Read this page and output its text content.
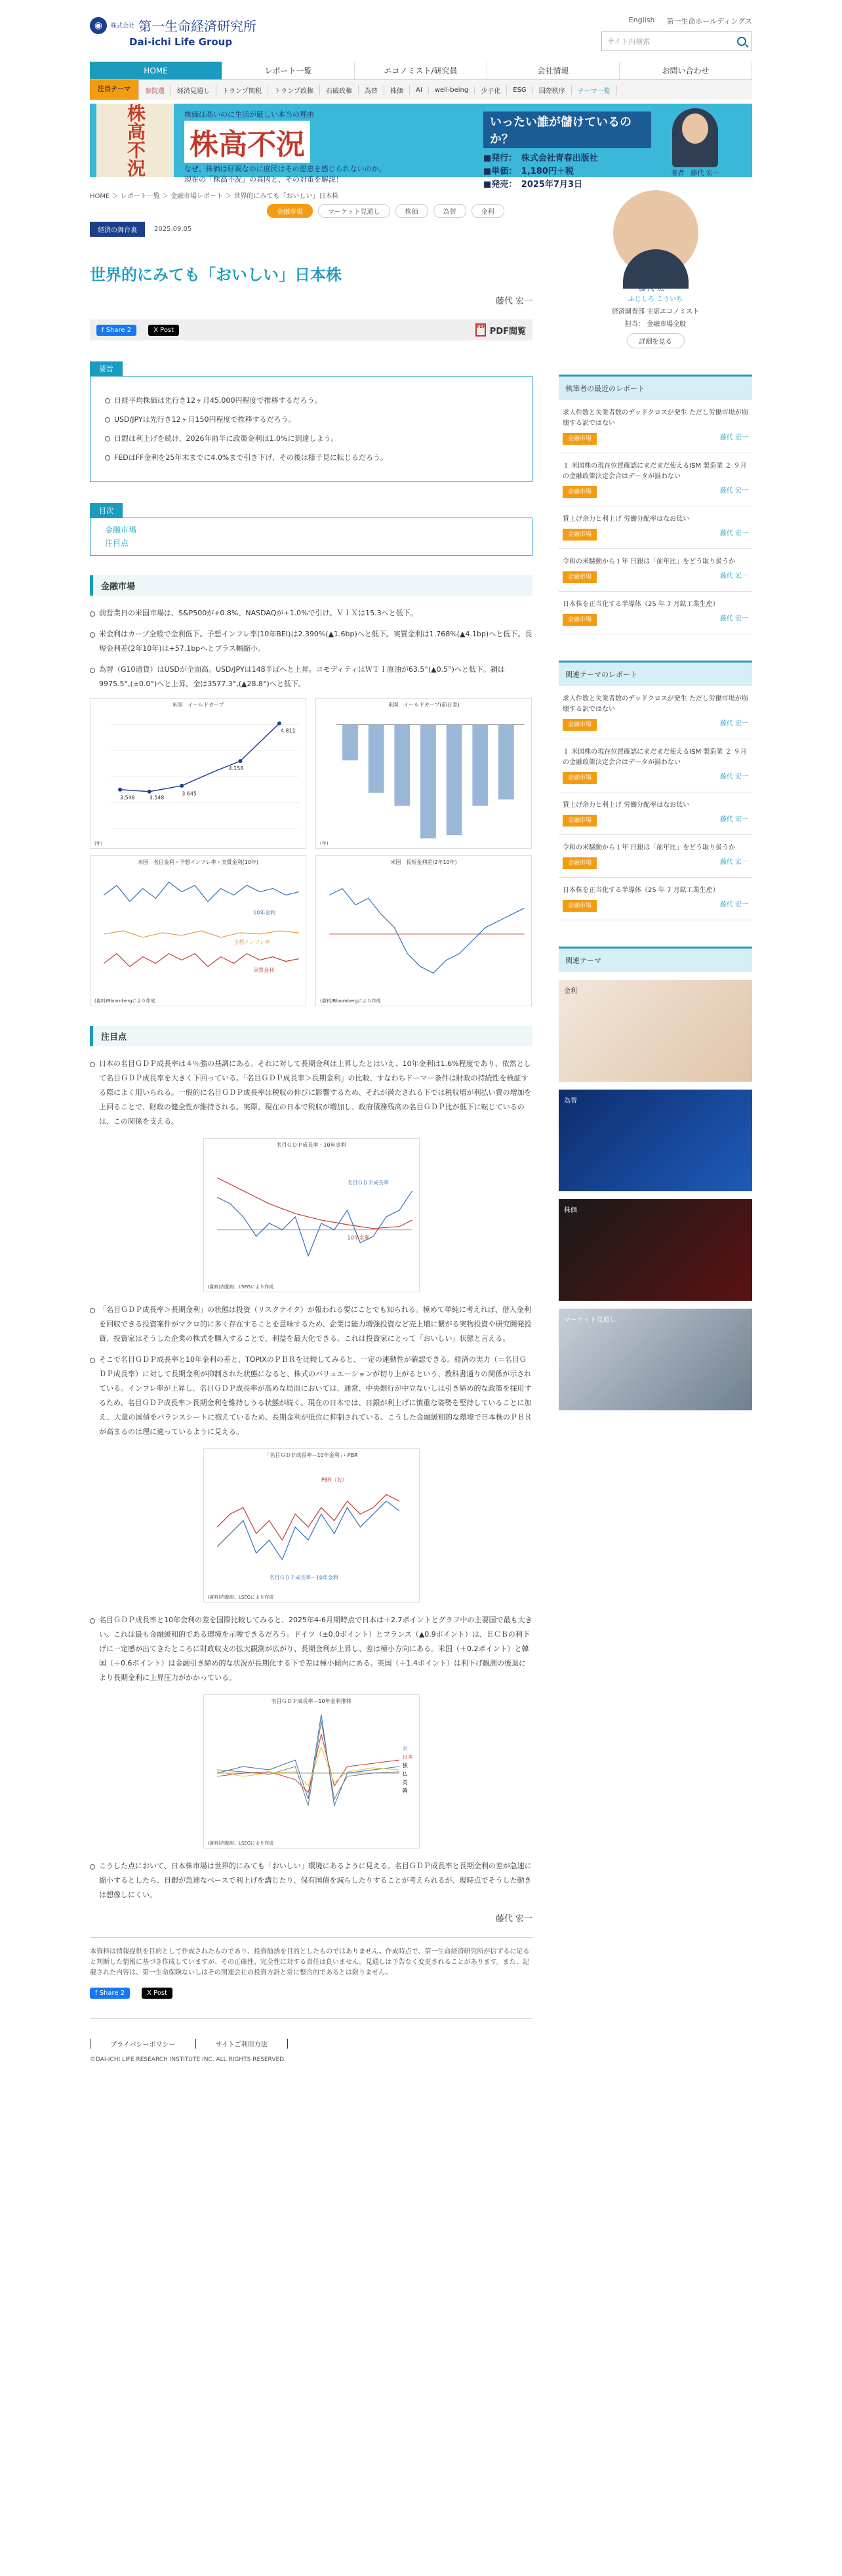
◉	株式会社 第一生命経済研究所
Dai-ichi Life Group
English 第一生命ホールディングス
サイト内検索
HOME	レポート一覧	エコノミスト/研究員	会社情報	お問い合わせ
注目テーマ	参院選	経済見通し	トランプ関税	トランプ政権	石破政権	為替	株価	AI	well-being	少子化	ESG	国際秩序	テーマ一覧
株高不況	株価は高いのに生活が厳しい本当の理由
株高不況
なぜ、株価は好調なのに庶民はその恩恵を感じられないのか。
現在の「株高不況」の真因と、その対策を解説！
いったい誰が儲けているのか？
■発行：　株式会社青春出版社
■単価：　1,180円＋税
■発売：　2025年7月3日
著者　藤代 宏一
HOME ＞ レポート一覧 ＞ 金融市場レポート ＞ 世界的にみても「おいしい」日本株
金融市場	マーケット見通し	株価	為替	金利
経済の舞台裏	2025.09.05
世界的にみても「おいしい」日本株
藤代 宏一
f Share 2	X Post	PDF PDF閲覧
要旨
日経平均株価は先行き12ヶ月45,000円程度で推移するだろう。
USD/JPYは先行き12ヶ月150円程度で推移するだろう。
日銀は利上げを続け、2026年前半に政策金利は1.0%に到達しよう。
FEDはFF金利を25年末までに4.0%まで引き下げ、その後は様子見に転じるだろう。
目次
金融市場
注目点
金融市場
前営業日の米国市場は、S&P500が+0.8%、NASDAQが+1.0%で引け。ＶＩＸは15.3へと低下。
米金利はカーブ全般で金利低下。予想インフレ率(10年BEI)は2.390%(▲1.6bp)へと低下。実質金利は1.768%(▲4.1bp)へと低下。長短金利差(2年10年)は+57.1bpへとプラス幅縮小。
為替（G10通貨）はUSDが全面高。USD/JPYは148半ばへと上昇。コモディティはＷＴＩ原油が63.5°(▲0.5°)へと低下。銅は9975.5°,(±0.0°)へと上昇。金は3577.3°,(▲28.8°)へと低下。
米国　イールドカーブ
3.548	3.548
3.645
4.158
4.811
(年)
米国　イールドカーブ(前日差)
(年)
米国　名目金利・予想インフレ率・実質金利(10年)
10年金利
予想インフレ率
実質金利
(資料)Bloombergにより作成
米国　長短金利差(2年10年)
(資料)Bloombergにより作成
注目点
日本の名目ＧＤＰ成長率は４％強の基調にある。それに対して長期金利は上昇したとはいえ、10年金利は1.6%程度であり、依然として名目ＧＤＰ成長率を大きく下回っている。「名目ＧＤＰ成長率＞長期金利」の比較、すなわちドーマー条件は財政の持続性を検証する際によく用いられる。一般的に名目ＧＤＰ成長率は税収の伸びに影響するため、それが満たされる下では税収増が利払い費の増加を上回ることで、財政の健全性が維持される。実際、現在の日本で税収が増加し、政府債務残高の名目ＧＤＰ比が低下に転じているのは、この関係を支える。
名目ＧＤＰ成長率・10年金利
名目ＧＤＰ成長率
10年金利
(資料)内閣府、LSEGにより作成
「名目ＧＤＰ成長率＞長期金利」の状態は投資（リスクテイク）が報われる要にことでも知られる。極めて単純に考えれば、借入金利を回収できる投資案件がマクロ的に多く存在することを意味するため、企業は能力増強投資など売上増に繋がる実物投資や研究開発投資、投資家はそうした企業の株式を購入することで、利益を最大化できる。これは投資家にとって「おいしい」状態と言える。
そこで名目ＧＤＰ成長率と10年金利の差と、TOPIXのＰＢＲを比較してみると、一定の連動性が確認できる。経済の実力（＝名目ＧＤＰ成長率）に対して長期金利が抑制された状態になると、株式のバリュエーションが切り上がるという、教科書通りの関係が示されている。インフレ率が上昇し、名目ＧＤＰ成長率が高めな局面においては、通常、中央銀行が中立ないしは引き締め的な政策を採用するため、名目ＧＤＰ成長率＞長期金利を維持しうる状態が続く。現在の日本では、日銀が利上げに慎重な姿勢を堅持していることに加え、大量の国債をバランスシートに抱えているため、長期金利が低位に抑制されている。こうした金融緩和的な環境で日本株のＰＢＲが高まるのは理に適っているように見える。
「名目ＧＤＰ成長率－10年金利」・PBR
PBR（右）
名目ＧＤＰ成長率－10年金利
(資料)内閣府、LSEGにより作成
名目ＧＤＰ成長率と10年金利の差を国際比較してみると、2025年4-6月期時点で日本は＋2.7ポイントとグラフ中の主要国で最も大きい。これは最も金融緩和的である環境を示唆できるだろう。ドイツ（±0.0ポイント）とフランス（▲0.9ポイント）は、ＥＣＢの利下げに一定感が出てきたところに財政収支の拡大観測が広がり、長期金利が上昇し、差は極小方向にある。米国（＋0.2ポイント）と韓国（＋0.6ポイント）は金融引き締め的な状況が長期化する下で差は極小傾向にある。英国（＋1.4ポイント）は利下げ観測の後退により長期金利に上昇圧力がかかっている。
名目ＧＤＰ成長率－10年金利推移
米
日本
独
仏
英
韓
(資料)内閣府、LSEGにより作成
こうした点において、日本株市場は世界的にみても「おいしい」環境にあるように見える。名目ＧＤＰ成長率と長期金利の差が急速に縮小するとしたら、日銀が急速なペースで利上げを講じたり、保有国債を減らしたりすることが考えられるが、現時点でそうした動きは想像しにくい。
藤代 宏一
本資料は情報提供を目的として作成されたものであり、投資勧誘を目的としたものではありません。作成時点で、第一生命経済研究所が信ずるに足ると判断した情報に基づき作成していますが、その正確性、完全性に対する責任は負いません。見通しは予告なく変更されることがあります。また、記載された内容は、第一生命保険ないしはその関連会社の投資方針と常に整合的であるとは限りません。
f Share 2	X Post
プライバシーポリシー	サイトご利用方法
©DAI-ICHI LIFE RESEARCH INSTITUTE INC. ALL RIGHTS RESERVED.
ふじしろ こういち
経済調査部 主席エコノミスト
担当： 金融市場全般
詳細を見る
執筆者の最近のレポート
求人件数と失業者数のデッドクロスが発生 ただし労働市場が崩壊する訳ではない
金融市場	藤代 宏一
１ 米国株の現在位置確認にまだまだ使えるISM 製造業 ２ ９月の金融政策決定会合はデータが揃わない
金融市場	藤代 宏一
賃上げ余力と利上げ 労働分配率はなお低い
金融市場	藤代 宏一
令和の米騒動から１年 日銀は「前年比」をどう取り扱うか
金融市場	藤代 宏一
日本株を正当化する半導体（25 年 7 月鉱工業生産）
金融市場	藤代 宏一
関連テーマのレポート
求人件数と失業者数のデッドクロスが発生 ただし労働市場が崩壊する訳ではない
金融市場	藤代 宏一
１ 米国株の現在位置確認にまだまだ使えるISM 製造業 ２ ９月の金融政策決定会合はデータが揃わない
金融市場	藤代 宏一
賃上げ余力と利上げ 労働分配率はなお低い
金融市場	藤代 宏一
令和の米騒動から１年 日銀は「前年比」をどう取り扱うか
金融市場	藤代 宏一
日本株を正当化する半導体（25 年 7 月鉱工業生産）
金融市場	藤代 宏一
関連テーマ
金利
為替
株価
マーケット見通し
